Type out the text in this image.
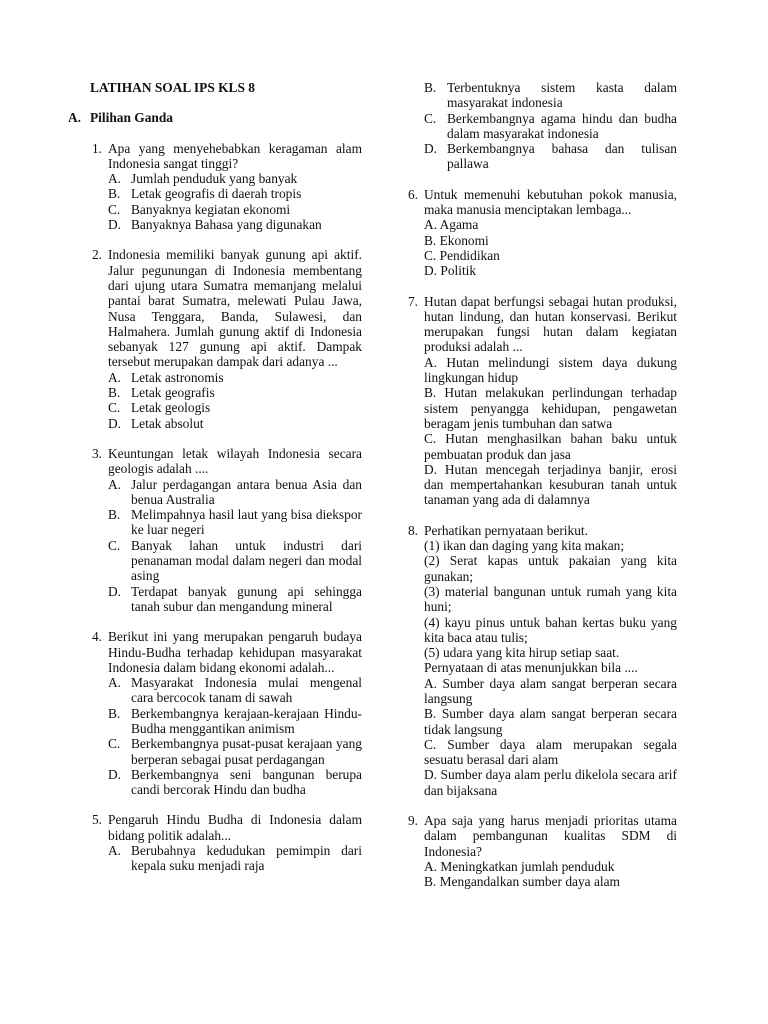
LATIHAN SOAL IPS KLS 8
A. Pilihan Ganda
1. Apa yang menyehebabkan keragaman alam Indonesia sangat tinggi?
A. Jumlah penduduk yang banyak
B. Letak geografis di daerah tropis
C. Banyaknya kegiatan ekonomi
D. Banyaknya Bahasa yang digunakan
2. Indonesia memiliki banyak gunung api aktif. Jalur pegunungan di Indonesia membentang dari ujung utara Sumatra memanjang melalui pantai barat Sumatra, melewati Pulau Jawa, Nusa Tenggara, Banda, Sulawesi, dan Halmahera. Jumlah gunung aktif di Indonesia sebanyak 127 gunung api aktif. Dampak tersebut merupakan dampak dari adanya ...
A. Letak astronomis
B. Letak geografis
C. Letak geologis
D. Letak absolut
3. Keuntungan letak wilayah Indonesia secara geologis adalah ....
A. Jalur perdagangan antara benua Asia dan benua Australia
B. Melimpahnya hasil laut yang bisa diekspor ke luar negeri
C. Banyak lahan untuk industri dari penanaman modal dalam negeri dan modal asing
D. Terdapat banyak gunung api sehingga tanah subur dan mengandung mineral
4. Berikut ini yang merupakan pengaruh budaya Hindu-Budha terhadap kehidupan masyarakat Indonesia dalam bidang ekonomi adalah...
A. Masyarakat Indonesia mulai mengenal cara bercocok tanam di sawah
B. Berkembangnya kerajaan-kerajaan Hindu-Budha menggantikan animism
C. Berkembangnya pusat-pusat kerajaan yang berperan sebagai pusat perdagangan
D. Berkembangnya seni bangunan berupa candi bercorak Hindu dan budha
5. Pengaruh Hindu Budha di Indonesia dalam bidang politik adalah...
A. Berubahnya kedudukan pemimpin dari kepala suku menjadi raja
B. Terbentuknya sistem kasta dalam masyarakat indonesia
C. Berkembangnya agama hindu dan budha dalam masyarakat indonesia
D. Berkembangnya bahasa dan tulisan pallawa
6. Untuk memenuhi kebutuhan pokok manusia, maka manusia menciptakan lembaga...
A. Agama
B. Ekonomi
C. Pendidikan
D. Politik
7. Hutan dapat berfungsi sebagai hutan produksi, hutan lindung, dan hutan konservasi. Berikut merupakan fungsi hutan dalam kegiatan produksi adalah ...
A. Hutan melindungi sistem daya dukung lingkungan hidup
B. Hutan melakukan perlindungan terhadap sistem penyangga kehidupan, pengawetan beragam jenis tumbuhan dan satwa
C. Hutan menghasilkan bahan baku untuk pembuatan produk dan jasa
D. Hutan mencegah terjadinya banjir, erosi dan mempertahankan kesuburan tanah untuk tanaman yang ada di dalamnya
8. Perhatikan pernyataan berikut.
(1) ikan dan daging yang kita makan;
(2) Serat kapas untuk pakaian yang kita gunakan;
(3) material bangunan untuk rumah yang kita huni;
(4) kayu pinus untuk bahan kertas buku yang kita baca atau tulis;
(5) udara yang kita hirup setiap saat.
Pernyataan di atas menunjukkan bila ....
A. Sumber daya alam sangat berperan secara langsung
B. Sumber daya alam sangat berperan secara tidak langsung
C. Sumber daya alam merupakan segala sesuatu berasal dari alam
D. Sumber daya alam perlu dikelola secara arif dan bijaksana
9. Apa saja yang harus menjadi prioritas utama dalam pembangunan kualitas SDM di Indonesia?
A. Meningkatkan jumlah penduduk
B. Mengandalkan sumber daya alam
